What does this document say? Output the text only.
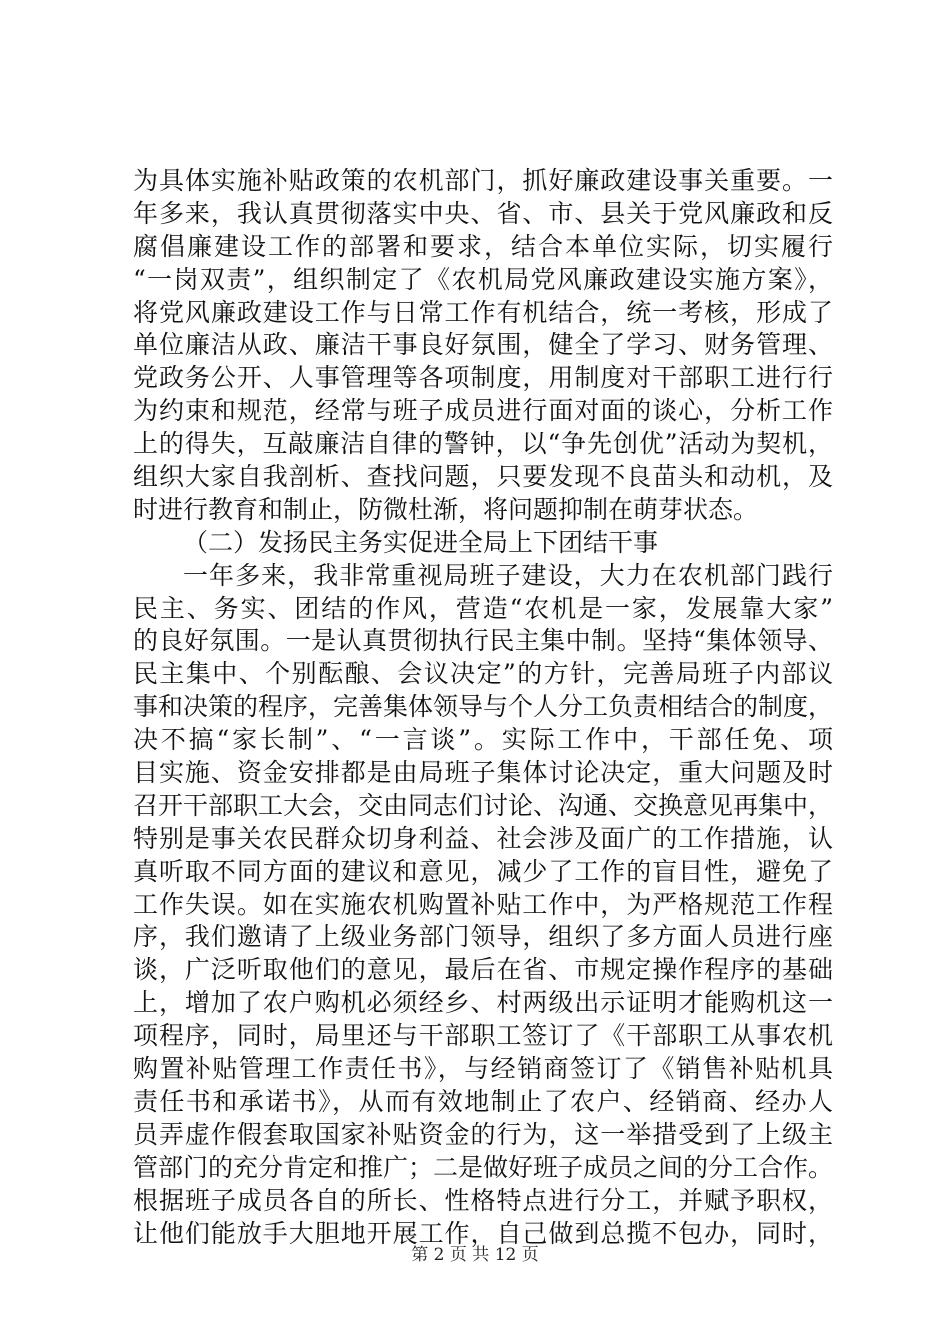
为具体实施补贴政策的农机部门，抓好廉政建设事关重要。一
年多来，我认真贯彻落实中央、省、市、县关于党风廉政和反
腐倡廉建设工作的部署和要求，结合本单位实际，切实履行
“一岗双责”，组织制定了《农机局党风廉政建设实施方案》，
将党风廉政建设工作与日常工作有机结合，统一考核，形成了
单位廉洁从政、廉洁干事良好氛围，健全了学习、财务管理、
党政务公开、人事管理等各项制度，用制度对干部职工进行行
为约束和规范，经常与班子成员进行面对面的谈心，分析工作
上的得失，互敲廉洁自律的警钟，以“争先创优”活动为契机，
组织大家自我剖析、查找问题，只要发现不良苗头和动机，及
时进行教育和制止，防微杜渐，将问题抑制在萌芽状态。
（二）发扬民主务实促进全局上下团结干事
一年多来，我非常重视局班子建设，大力在农机部门践行
民主、务实、团结的作风，营造“农机是一家，发展靠大家”
的良好氛围。一是认真贯彻执行民主集中制。坚持“集体领导、
民主集中、个别酝酿、会议决定”的方针，完善局班子内部议
事和决策的程序，完善集体领导与个人分工负责相结合的制度，
决不搞“家长制”、“一言谈”。实际工作中，干部任免、项
目实施、资金安排都是由局班子集体讨论决定，重大问题及时
召开干部职工大会，交由同志们讨论、沟通、交换意见再集中，
特别是事关农民群众切身利益、社会涉及面广的工作措施，认
真听取不同方面的建议和意见，减少了工作的盲目性，避免了
工作失误。如在实施农机购置补贴工作中，为严格规范工作程
序，我们邀请了上级业务部门领导，组织了多方面人员进行座
谈，广泛听取他们的意见，最后在省、市规定操作程序的基础
上，增加了农户购机必须经乡、村两级出示证明才能购机这一
项程序，同时，局里还与干部职工签订了《干部职工从事农机
购置补贴管理工作责任书》，与经销商签订了《销售补贴机具
责任书和承诺书》，从而有效地制止了农户、经销商、经办人
员弄虚作假套取国家补贴资金的行为，这一举措受到了上级主
管部门的充分肯定和推广；二是做好班子成员之间的分工合作。
根据班子成员各自的所长、性格特点进行分工，并赋予职权，
让他们能放手大胆地开展工作，自己做到总揽不包办，同时，
第 2 页 共 12 页
